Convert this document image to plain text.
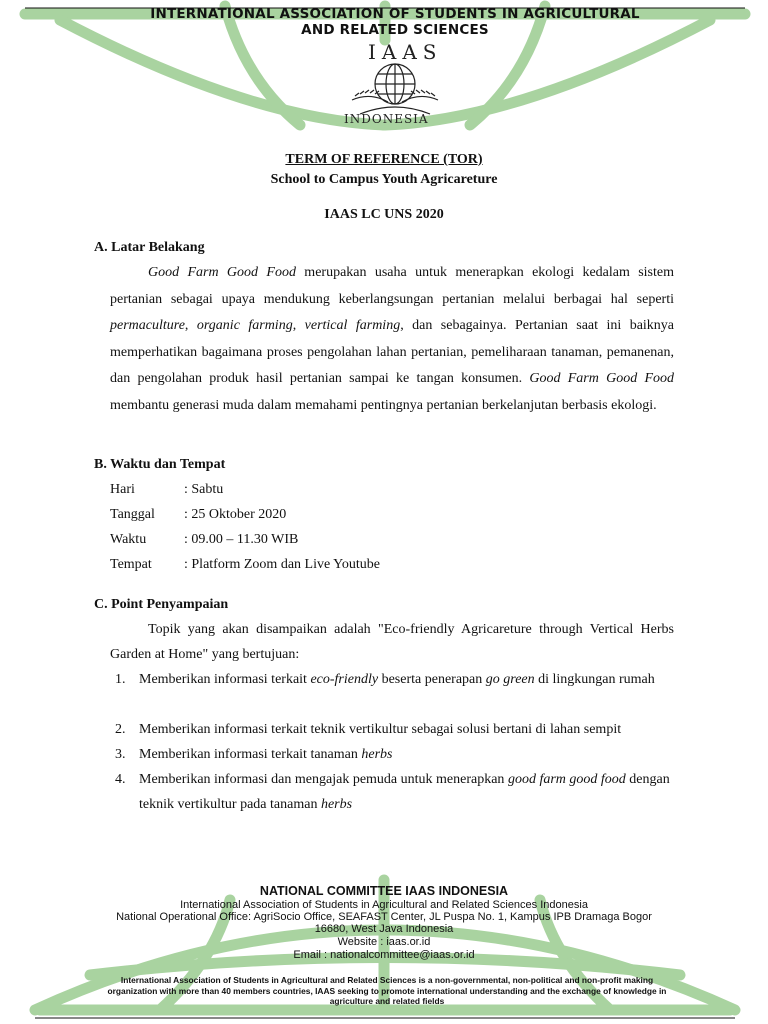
INTERNATIONAL ASSOCIATION OF STUDENTS IN AGRICULTURAL
AND RELATED SCIENCES
IAAS
INDONESIA
TERM OF REFERENCE (TOR)
School to Campus Youth Agricareture
IAAS LC UNS 2020
A. Latar Belakang
Good Farm Good Food merupakan usaha untuk menerapkan ekologi kedalam sistem pertanian sebagai upaya mendukung keberlangsungan pertanian melalui berbagai hal seperti permaculture, organic farming, vertical farming, dan sebagainya. Pertanian saat ini baiknya memperhatikan bagaimana proses pengolahan lahan pertanian, pemeliharaan tanaman, pemanenan, dan pengolahan produk hasil pertanian sampai ke tangan konsumen. Good Farm Good Food membantu generasi muda dalam memahami pentingnya pertanian berkelanjutan berbasis ekologi.
B. Waktu dan Tempat
Hari	: Sabtu
Tanggal : 25 Oktober 2020
Waktu	: 09.00 – 11.30 WIB
Tempat : Platform Zoom dan Live Youtube
C. Point Penyampaian
Topik yang akan disampaikan adalah "Eco-friendly Agricareture through Vertical Herbs Garden at Home" yang bertujuan:
1. Memberikan informasi terkait eco-friendly beserta penerapan go green di lingkungan rumah
2. Memberikan informasi terkait teknik vertikultur sebagai solusi bertani di lahan sempit
3. Memberikan informasi terkait tanaman herbs
4. Memberikan informasi dan mengajak pemuda untuk menerapkan good farm good food dengan teknik vertikultur pada tanaman herbs
NATIONAL COMMITTEE IAAS INDONESIA
International Association of Students in Agricultural and Related Sciences Indonesia
National Operational Office: AgriSocio Office, SEAFAST Center, JL Puspa No. 1, Kampus IPB Dramaga Bogor
16680, West Java Indonesia
Website : iaas.or.id
Email : nationalcommittee@iaas.or.id
International Association of Students in Agricultural and Related Sciences is a non-governmental, non-political and non-profit making organization with more than 40 members countries, IAAS seeking to promote international understanding and the exchange of knowledge in agriculture and related fields
